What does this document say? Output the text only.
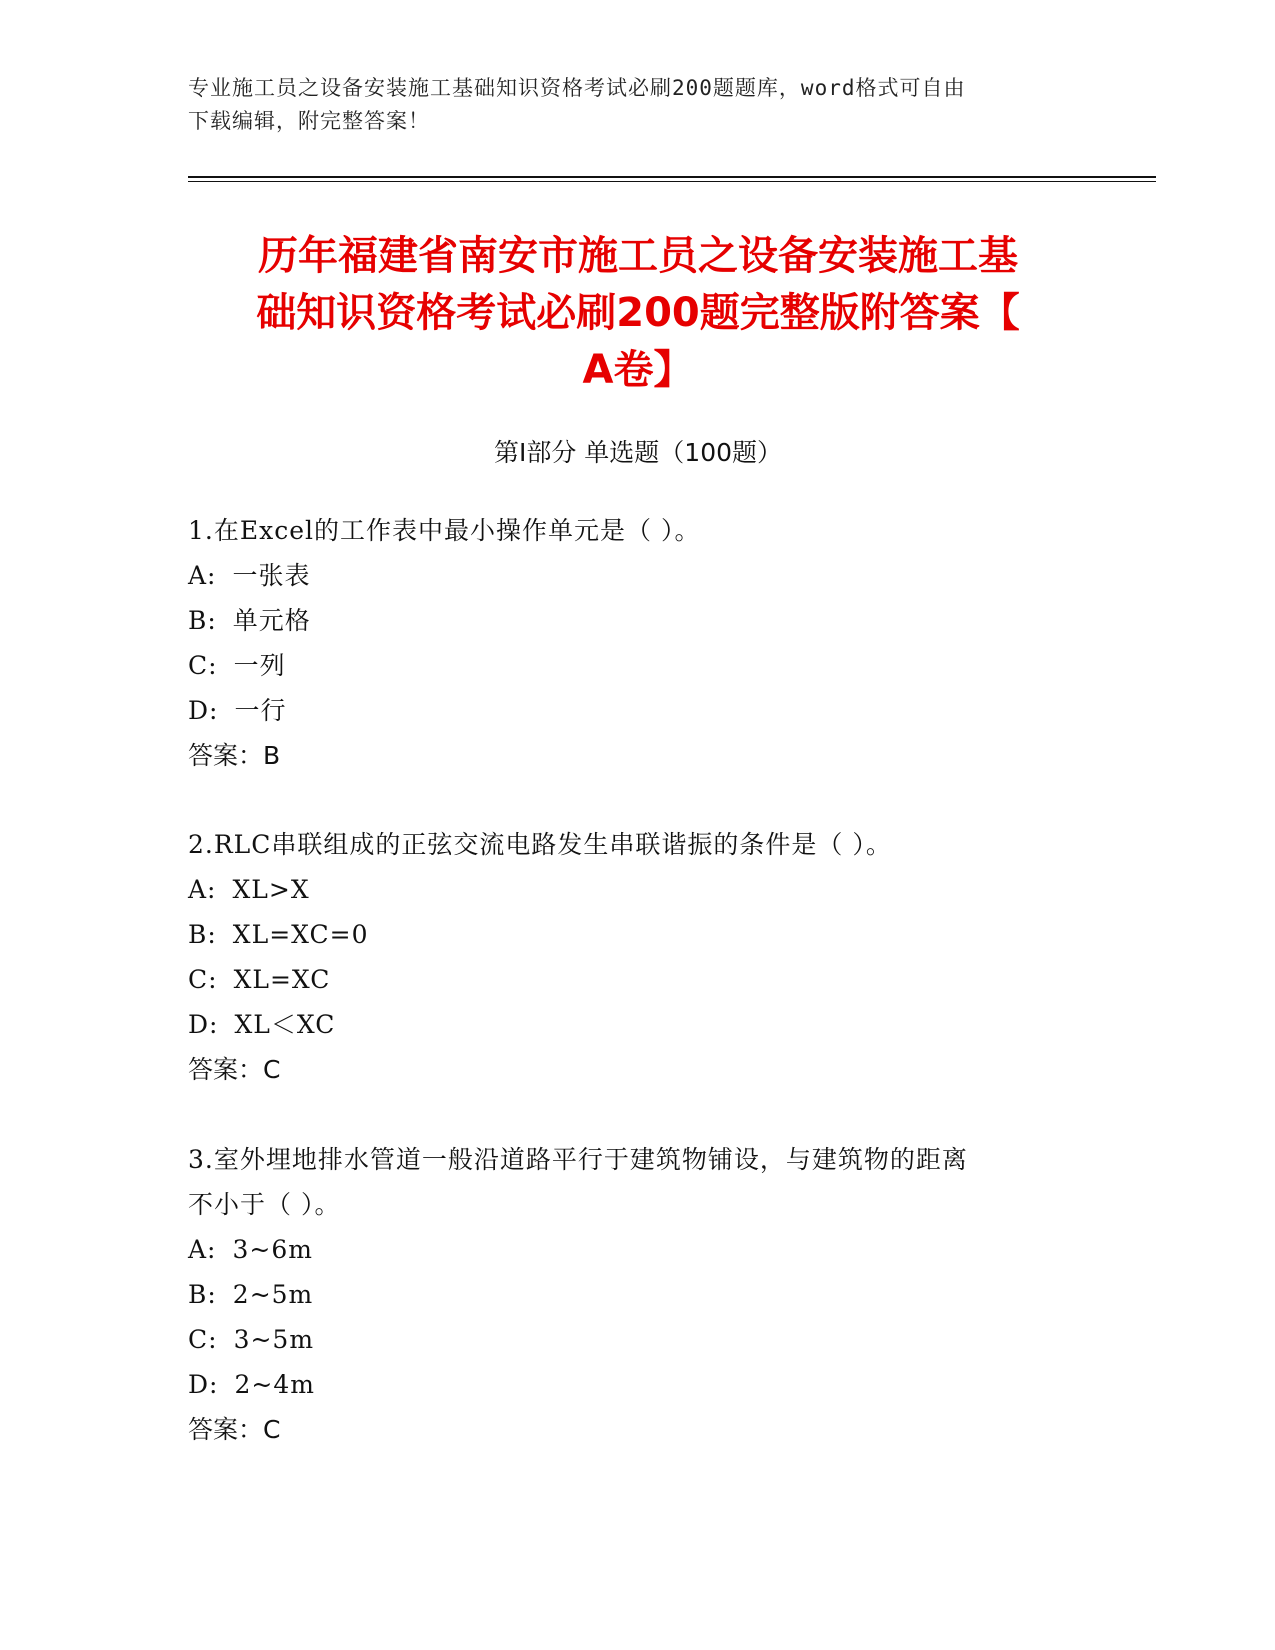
专业施工员之设备安装施工基础知识资格考试必刷200题题库，word格式可自由
下载编辑，附完整答案！
历年福建省南安市施工员之设备安装施工基
础知识资格考试必刷200题完整版附答案【
A卷】
第Ⅰ部分 单选题（100题）

1.在Excel的工作表中最小操作单元是（ ）。

A: 一张表

B: 单元格

C: 一列

D: 一行

答案：B

2.RLC串联组成的正弦交流电路发生串联谐振的条件是（ ）。

A: XL>X

B: XL=XC=0

C: XL=XC

D: XL＜XC

答案：C

3.室外埋地排水管道一般沿道路平行于建筑物铺设，与建筑物的距离

不小于（ ）。

A: 3~6m

B: 2~5m

C: 3~5m

D: 2~4m

答案：C
